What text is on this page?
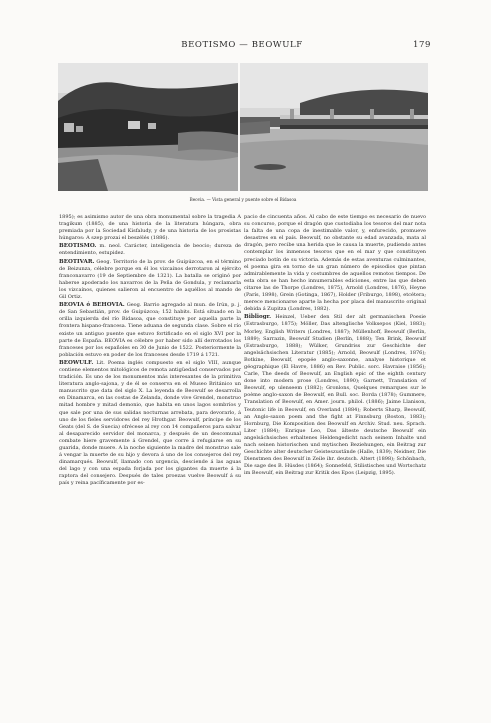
BEOTISMO — BEOWULF	179
Beovia. — Vista general y puente sobre el Bidasoa

1895); es asimismo autor de una obra monumental sobre la tragedia A tragikum (1885), de una historia de la literatura húngara, obra premiada por la Sociedad Kisfaludy, y de una historia de los prosistas húngaros: A szep prozai el beszélés (1886).

BEOTISMO. m. neol. Carácter, inteligencia de beocio; dureza de entendimiento, estupidez.

BEOTIVAR. Geog. Territorio de la prov. de Guipúzcoa, en el término de Beizunza, célebre porque en él los vizcaínos derrotaron al ejército franconavarro (19 de Septiembre de 1321). La batalla se originó por haberse apoderado los navarros de la Peña de Gondula, y reclamarla los vizcaínos, quienes salieron al encuentro de aquéllos al mando de Gil Ortiz.

BEOVIA ó BEHOVIA. Geog. Barrio agregado al mun. de Irún, p. j. de San Sebastián, prov. de Guipúzcoa; 152 habits. Está situado en la orilla izquierda del río Bidasoa, que constituye por aquella parte la frontera hispano-francesa. Tiene aduana de segunda clase. Sobre el río existe un antiguo puente que estuvo fortificado en el siglo XVI por la parte de España. BEOVIA es célebre por haber sido allí derrotados los franceses por los españoles en 30 de Junio de 1522. Posteriormente la población estuvo en poder de los franceses desde 1719 á 1721.

BEOWULF. Lit. Poema inglés compuesto en el siglo VIII, aunque contiene elementos mitológicos de remota antigüedad conservados por tradición. Es uno de los monumentos más interesantes de la primitiva literatura anglo-sajona, y de él se conserva en el Museo Británico un manuscrito que data del siglo X. La leyenda de Beowulf se desarrolla en Dinamarca, en las costas de Zelanda, donde vive Grendel, monstruo mitad hombre y mitad demonio, que habita en unos lagos sombríos y que sale por una de sus salidas nocturnas arrebata, para devorarlo, á uno de los fieles servidores del rey Hrothgar. Beowulf, príncipe de los Geats (del S. de Suecia) ofrécese al rey con 14 compañeros para salvar al desaparecido servidor del monarca, y después de un descomunal combate hiere gravemente á Grendel, que corre á refugiarse en su guarida, donde muere. A la noche siguiente la madre del monstruo sale á vengar la muerte de su hijo y devora á uno de los consejeros del rey dinamarqués. Beowulf, llamado con urgencia, desciende á las aguas del lago y con una espada forjada por los gigantes da muerte á la raptora del consejero. Después de tales proezas vuelve Beowulf á su país y reina pacíficamente por es-

pacio de cincuenta años. Al cabo de este tiempo es necesario de nuevo su concurso, porque el dragón que custodiaba los tesoros del mar nota la falta de una copa de inestimable valor, y, enfurecido, promueve desastres en el país. Beowulf, no obstante su edad avanzada, mata al dragón, pero recibe una herida que le causa la muerte, pudiendo antes contemplar los inmensos tesoros que en el mar y que constituyen preciado botín de su victoria. Además de estas aventuras culminantes, el poema gira en torno de un gran número de episodios que pintan admirablemente la vida y costumbres de aquellos remotos tiempos. De esta obra se han hecho innumerables ediciones, entre las que deben citarse las de Thorpe (Londres, 1875), Arnold (Londres, 1876), Heyne (París, 1898), Grein (Gotinga, 1867), Holder (Friburgo, 1898), etcétera; merece mencionarse aparte la hecha por placa del manuscrito original debida á Zupitza (Londres, 1882).

Bibliogr. Heinzel, Ueber den Stil der alt germanischen Poesie (Estrasburgo, 1875); Möller, Das altenglische Volksepos (Kiel, 1883); Morley, English Writers (Londres, 1887); Müllenhoff, Beowulf (Berlín, 1889); Sarrazin, Beowulf Studien (Berlín, 1888); Ten Brink, Beowulf (Estrasburgo, 1888); Wülker, Grundriss zur Geschichte der angelsächsischen Literatur (1885); Arnold, Beowulf (Londres, 1876); Botkine, Beowulf, epopée anglo-saxonne, analyse historique et géographique (El Havre, 1886) en Rev. Public. sorc. Havraise (1856); Carle, The deeds of Beowulf, an English epic of the eighth century done into modern prose (Londres, 1890); Garnett, Translation of Beowulf, ep ulenseem (1882); Gronlons, Quelques remarques sur le poème anglo-saxon de Beowulf, en Bull. soc. Borda (1878); Gummere, Translation of Beowulf, en Amer. journ. philol. (1886); Jaime Llanison, Teutonic life in Beowulf, en Overland (1884); Roberts Sharp, Beowulf, an Anglo-saxon poem and the fight at Finnsburg (Boston, 1883); Hornburg, Die Komposition des Beowulf en Archiv. Stud. neu. Sprach. Liter (1884); Enrique Leo, Das älteste deutsche Beowulf ein angelsächsisches erhaltenes Heldengedicht nach seinem Inhalte und nach seinen historischen und mytischen Beziehungen, ein Beitrag zur Geschichte alter deutscher Geisteszustände (Halle, 1839); Neidner, Die Dienstmen des Beowulf in Zeile ihr. deutsch. Altert (1898); Schönbach, Die sage des B. Hüsdes (1864); Sonnefeld, Stilistisches und Wortschatz im Beowulf, ein Beitrag zur Kritik des Epos (Leipzig, 1895).
